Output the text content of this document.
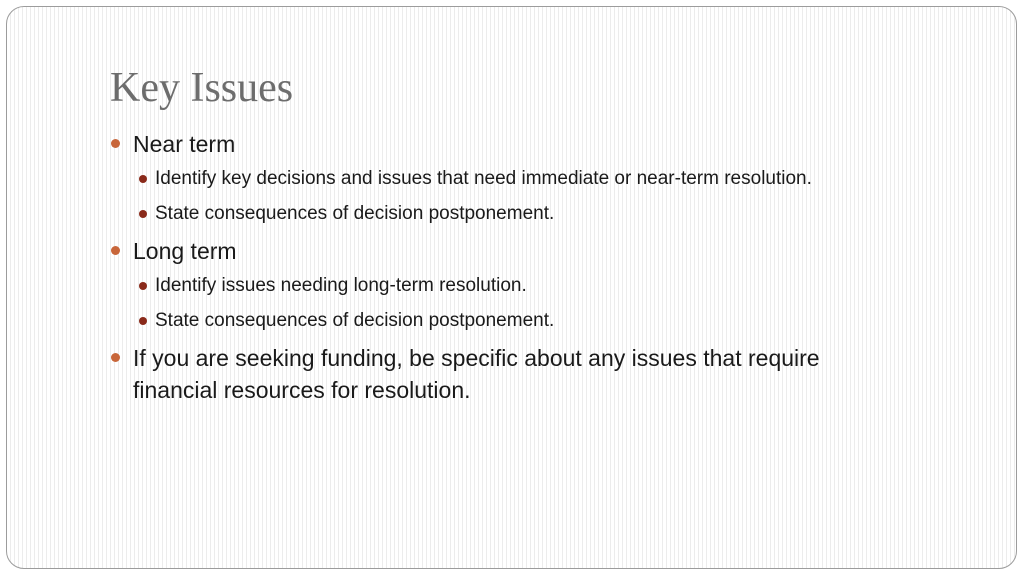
Key Issues
Near term
Identify key decisions and issues that need immediate or near-term resolution.
State consequences of decision postponement.
Long term
Identify issues needing long-term resolution.
State consequences of decision postponement.
If you are seeking funding, be specific about any issues that require financial resources for resolution.
